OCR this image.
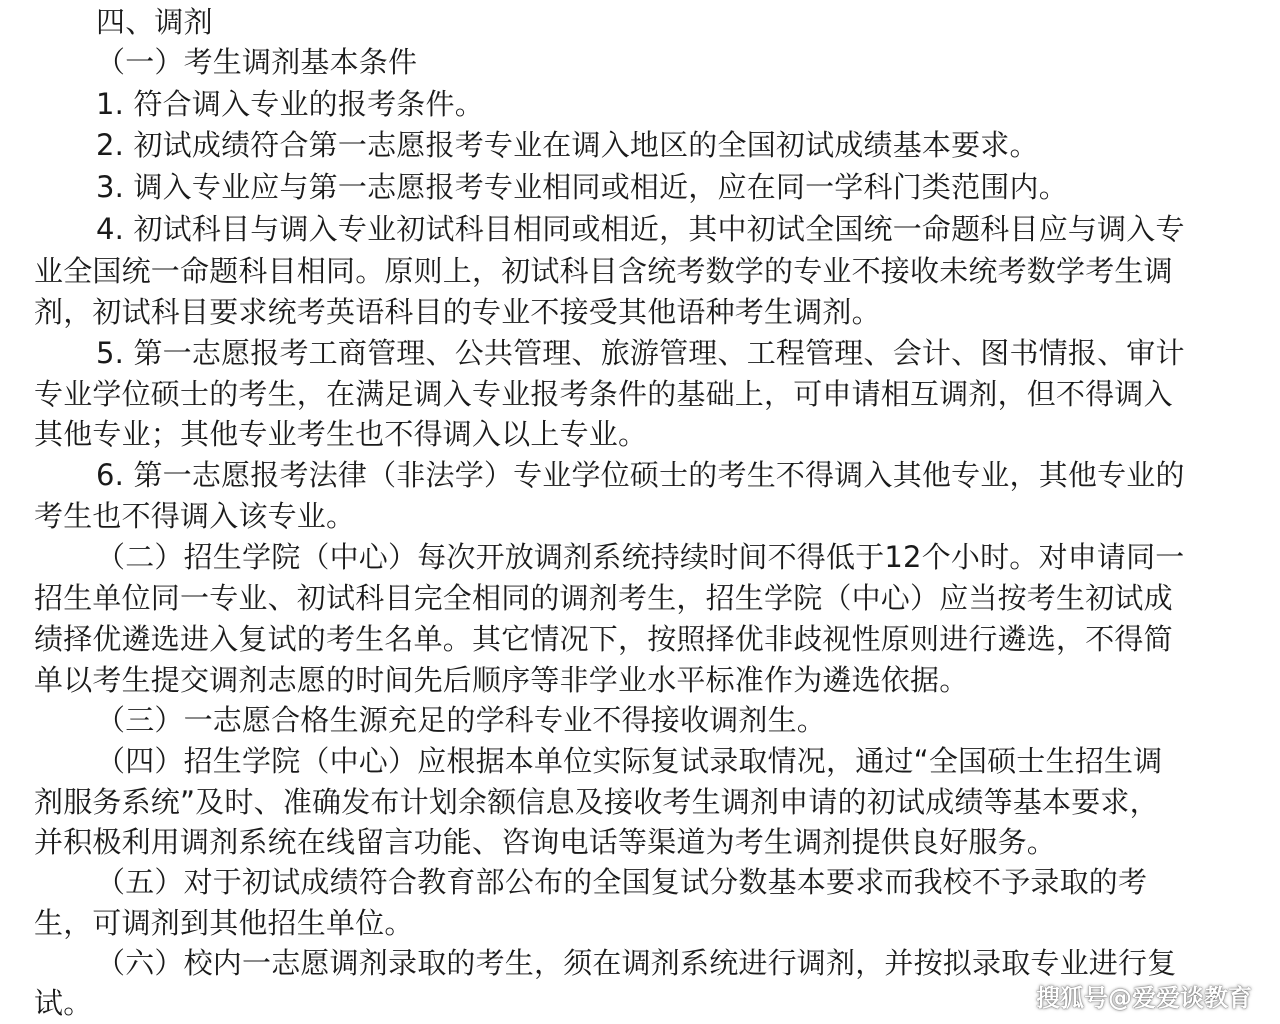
四、调剂
（一）考生调剂基本条件
1. 符合调入专业的报考条件。
2. 初试成绩符合第一志愿报考专业在调入地区的全国初试成绩基本要求。
3. 调入专业应与第一志愿报考专业相同或相近，应在同一学科门类范围内。
4. 初试科目与调入专业初试科目相同或相近，其中初试全国统一命题科目应与调入专
业全国统一命题科目相同。原则上，初试科目含统考数学的专业不接收未统考数学考生调
剂，初试科目要求统考英语科目的专业不接受其他语种考生调剂。
5. 第一志愿报考工商管理、公共管理、旅游管理、工程管理、会计、图书情报、审计
专业学位硕士的考生，在满足调入专业报考条件的基础上，可申请相互调剂，但不得调入
其他专业；其他专业考生也不得调入以上专业。
6. 第一志愿报考法律（非法学）专业学位硕士的考生不得调入其他专业，其他专业的
考生也不得调入该专业。
（二）招生学院（中心）每次开放调剂系统持续时间不得低于12个小时。对申请同一
招生单位同一专业、初试科目完全相同的调剂考生，招生学院（中心）应当按考生初试成
绩择优遴选进入复试的考生名单。其它情况下，按照择优非歧视性原则进行遴选，不得简
单以考生提交调剂志愿的时间先后顺序等非学业水平标准作为遴选依据。
（三）一志愿合格生源充足的学科专业不得接收调剂生。
（四）招生学院（中心）应根据本单位实际复试录取情况，通过“全国硕士生招生调
剂服务系统”及时、准确发布计划余额信息及接收考生调剂申请的初试成绩等基本要求，
并积极利用调剂系统在线留言功能、咨询电话等渠道为考生调剂提供良好服务。
（五）对于初试成绩符合教育部公布的全国复试分数基本要求而我校不予录取的考
生，可调剂到其他招生单位。
（六）校内一志愿调剂录取的考生，须在调剂系统进行调剂，并按拟录取专业进行复
试。	搜狐号@爱爱谈教育
